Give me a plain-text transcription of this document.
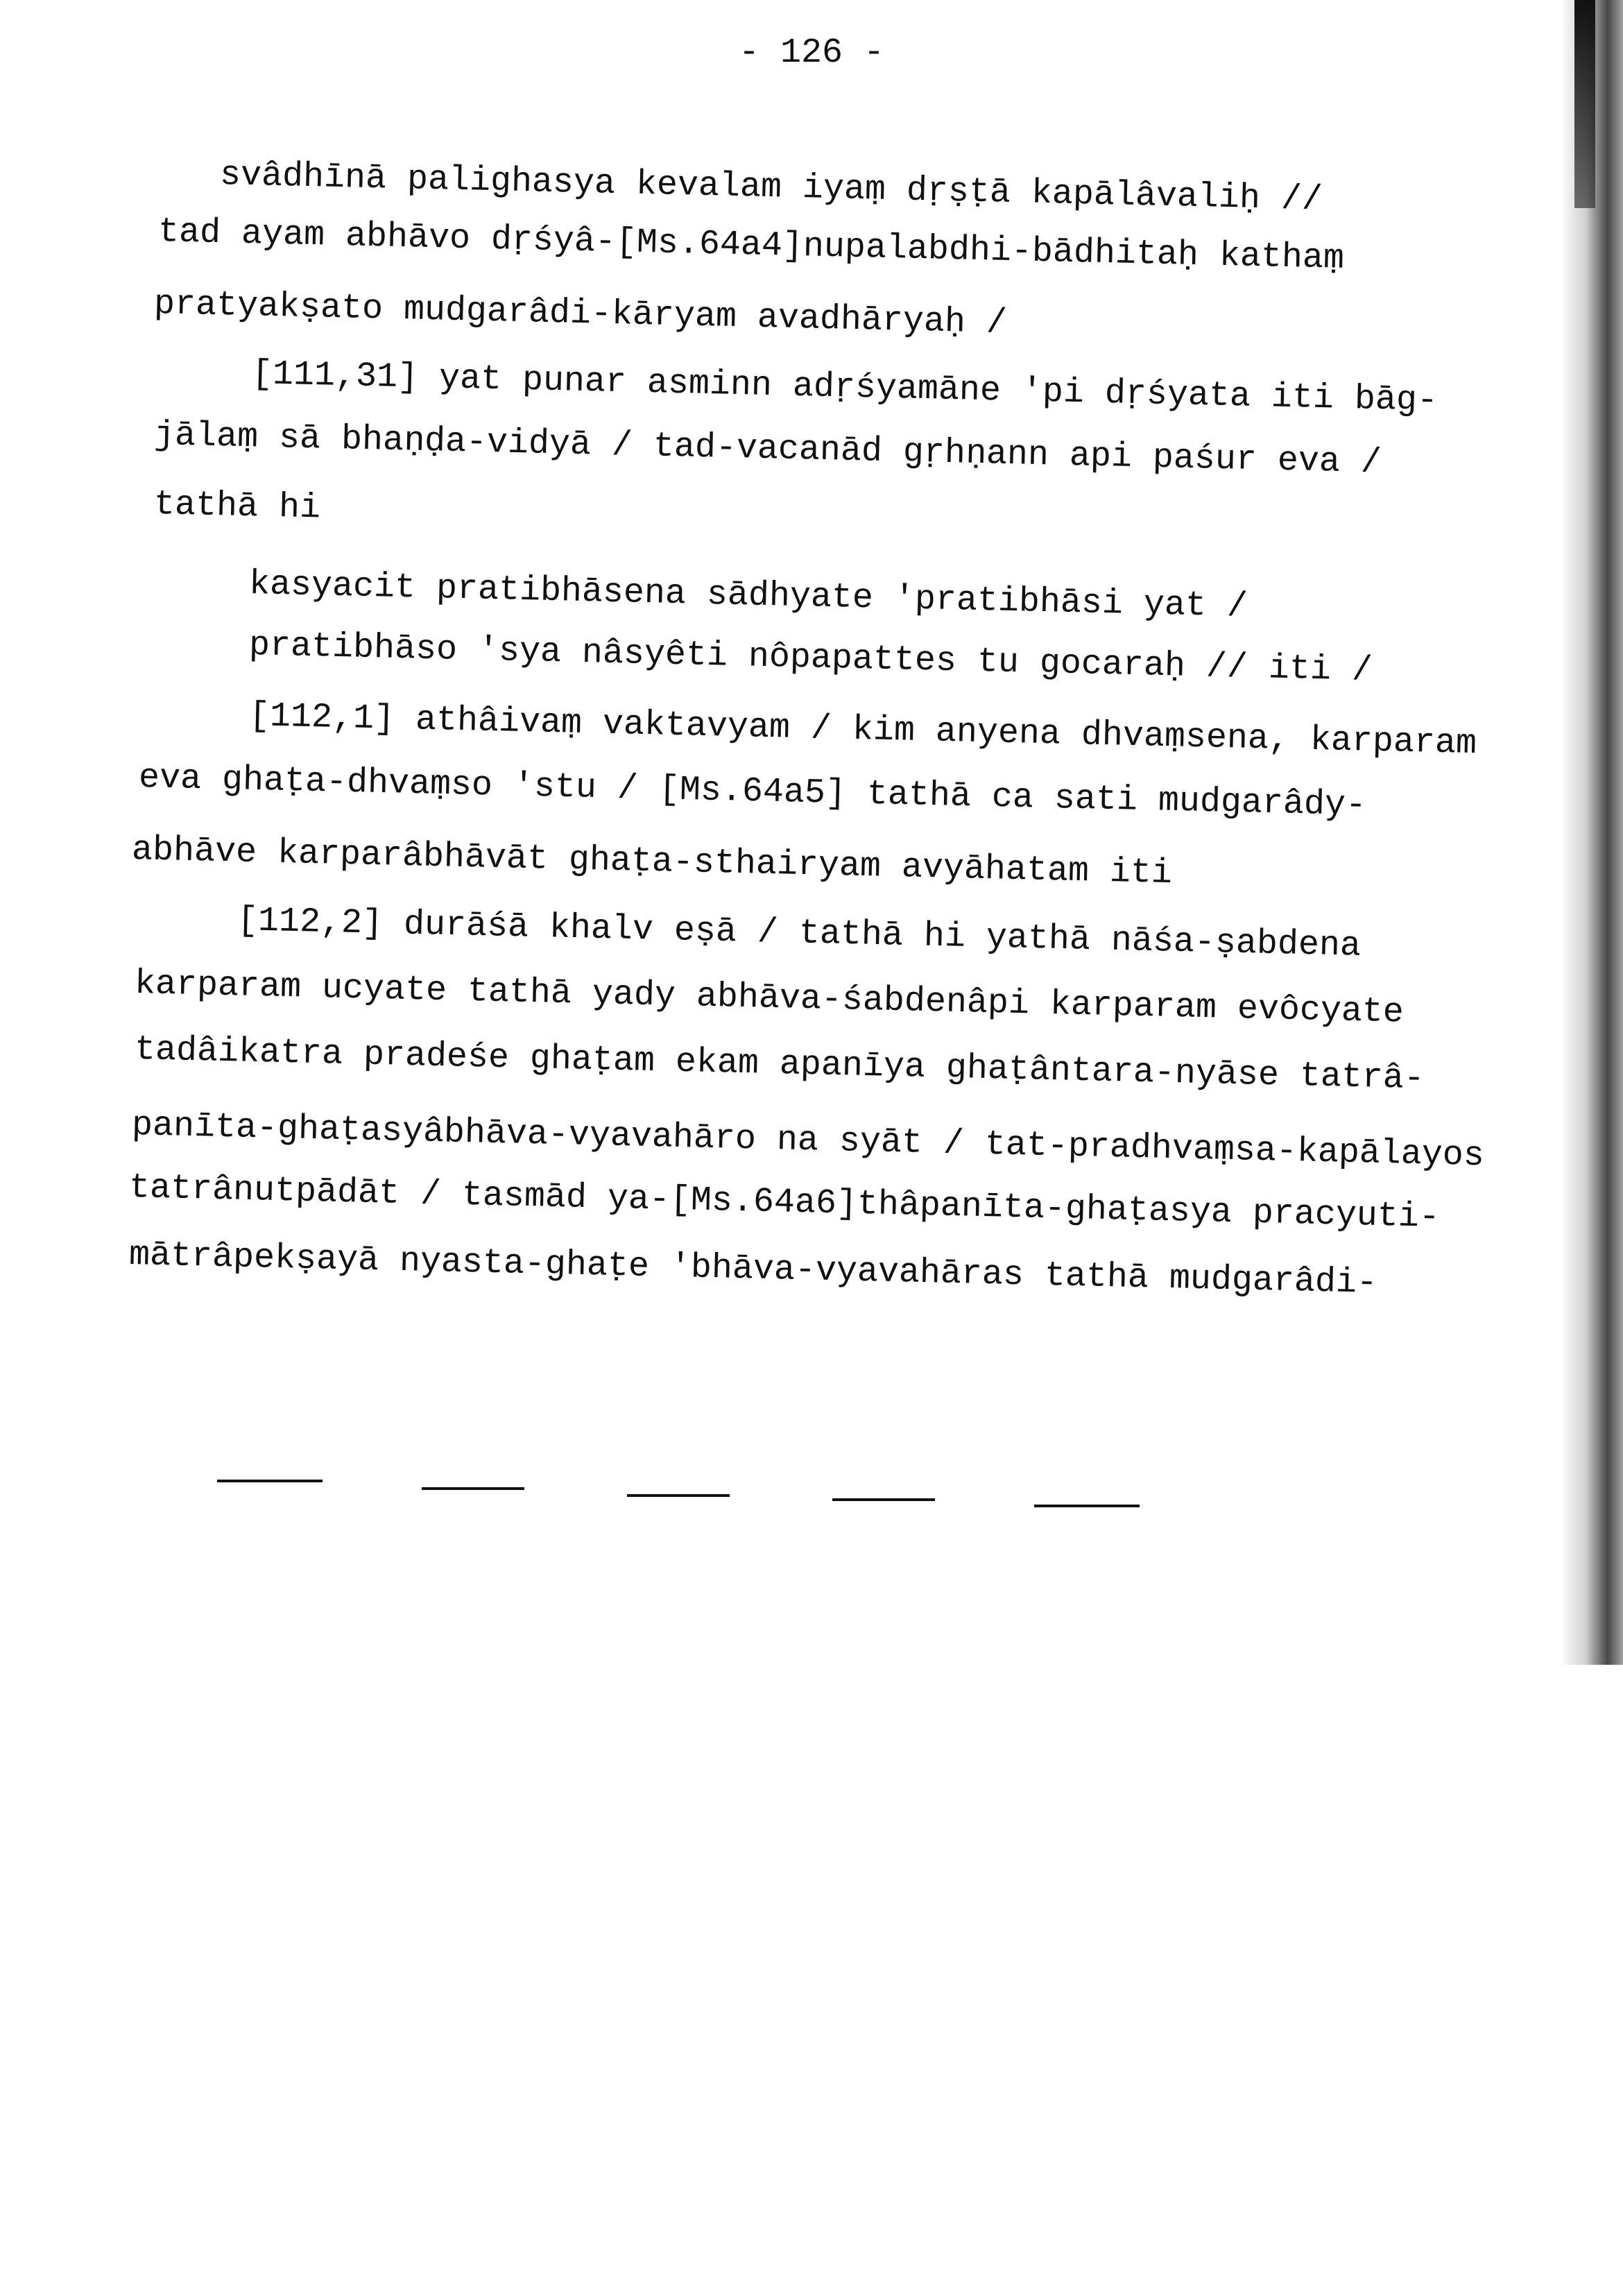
- 126 -
svâdhīnā palighasya kevalam iyaṃ dṛṣṭā kapālâvaliḥ //
tad ayam abhāvo dṛśyâ-[Ms.64a4]nupalabdhi-bādhitaḥ kathaṃ
pratyakṣato mudgarâdi-kāryam avadhāryaḥ /
[111,31] yat punar asminn adṛśyamāne 'pi dṛśyata iti bāg-
jālaṃ sā bhaṇḍa-vidyā / tad-vacanād gṛhṇann api paśur eva /
tathā hi
kasyacit pratibhāsena sādhyate 'pratibhāsi yat /
pratibhāso 'sya nâsyêti nôpapattes tu gocaraḥ // iti /
[112,1] athâivaṃ vaktavyam / kim anyena dhvaṃsena, karparam
eva ghaṭa-dhvaṃso 'stu / [Ms.64a5] tathā ca sati mudgarâdy-
abhāve karparâbhāvāt ghaṭa-sthairyam avyāhatam iti
[112,2] durāśā khalv eṣā / tathā hi yathā nāśa-ṣabdena
karparam ucyate tathā yady abhāva-śabdenâpi karparam evôcyate
tadâikatra pradeśe ghaṭam ekam apanīya ghaṭântara-nyāse tatrâ-
panīta-ghaṭasyâbhāva-vyavahāro na syāt / tat-pradhvaṃsa-kapālayos
tatrânutpādāt / tasmād ya-[Ms.64a6]thâpanīta-ghaṭasya pracyuti-
mātrâpekṣayā nyasta-ghaṭe 'bhāva-vyavahāras tathā mudgarâdi-
